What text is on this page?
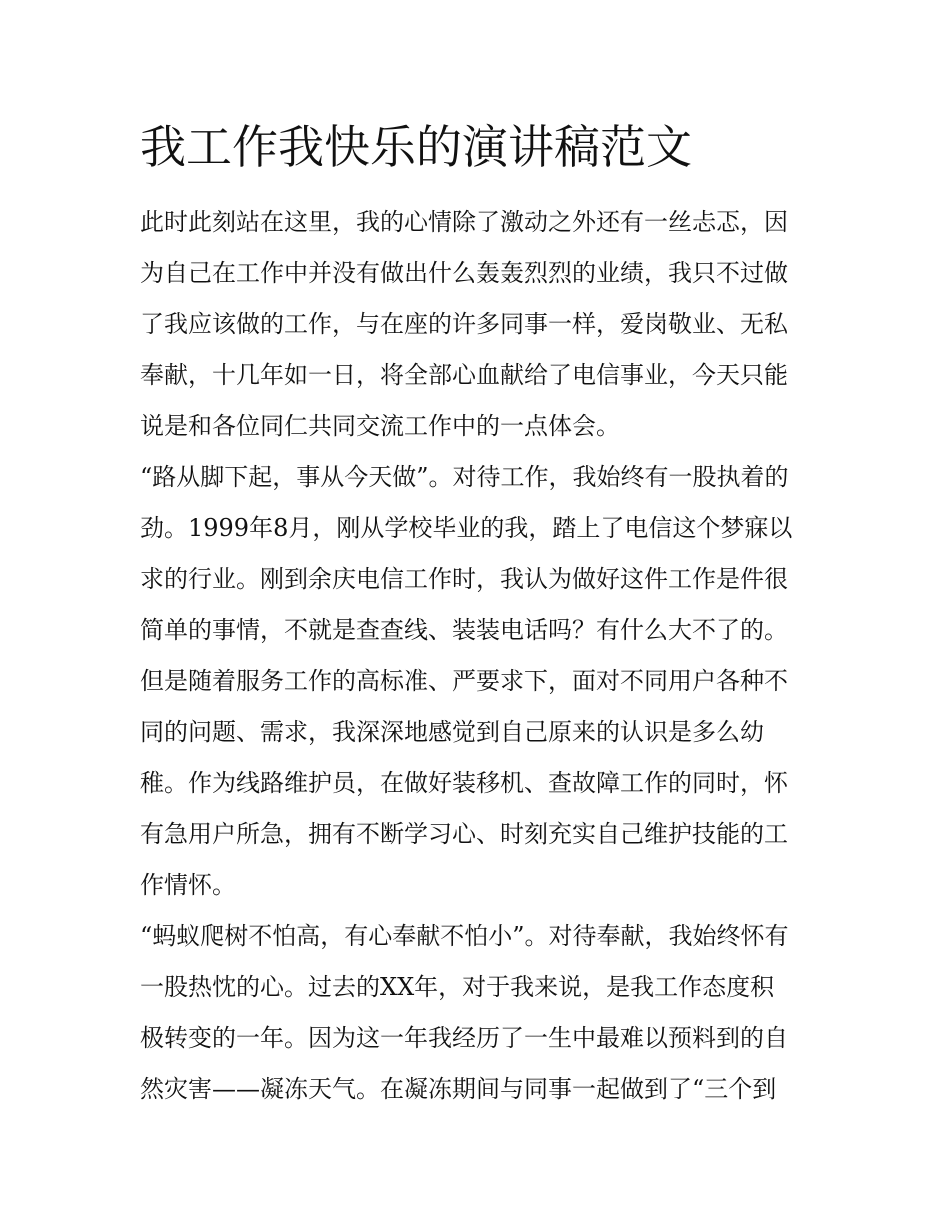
我工作我快乐的演讲稿范文
此时此刻站在这里，我的心情除了激动之外还有一丝忐忑，因
为自己在工作中并没有做出什么轰轰烈烈的业绩，我只不过做
了我应该做的工作，与在座的许多同事一样，爱岗敬业、无私
奉献，十几年如一日，将全部心血献给了电信事业，今天只能
说是和各位同仁共同交流工作中的一点体会。
“路从脚下起，事从今天做”。对待工作，我始终有一股执着的
劲。1999年8月，刚从学校毕业的我，踏上了电信这个梦寐以
求的行业。刚到余庆电信工作时，我认为做好这件工作是件很
简单的事情，不就是查查线、装装电话吗？有什么大不了的。
但是随着服务工作的高标准、严要求下，面对不同用户各种不
同的问题、需求，我深深地感觉到自己原来的认识是多么幼
稚。作为线路维护员，在做好装移机、查故障工作的同时，怀
有急用户所急，拥有不断学习心、时刻充实自己维护技能的工
作情怀。
“蚂蚁爬树不怕高，有心奉献不怕小”。对待奉献，我始终怀有
一股热忱的心。过去的XX年，对于我来说，是我工作态度积
极转变的一年。因为这一年我经历了一生中最难以预料到的自
然灾害——凝冻天气。在凝冻期间与同事一起做到了“三个到
